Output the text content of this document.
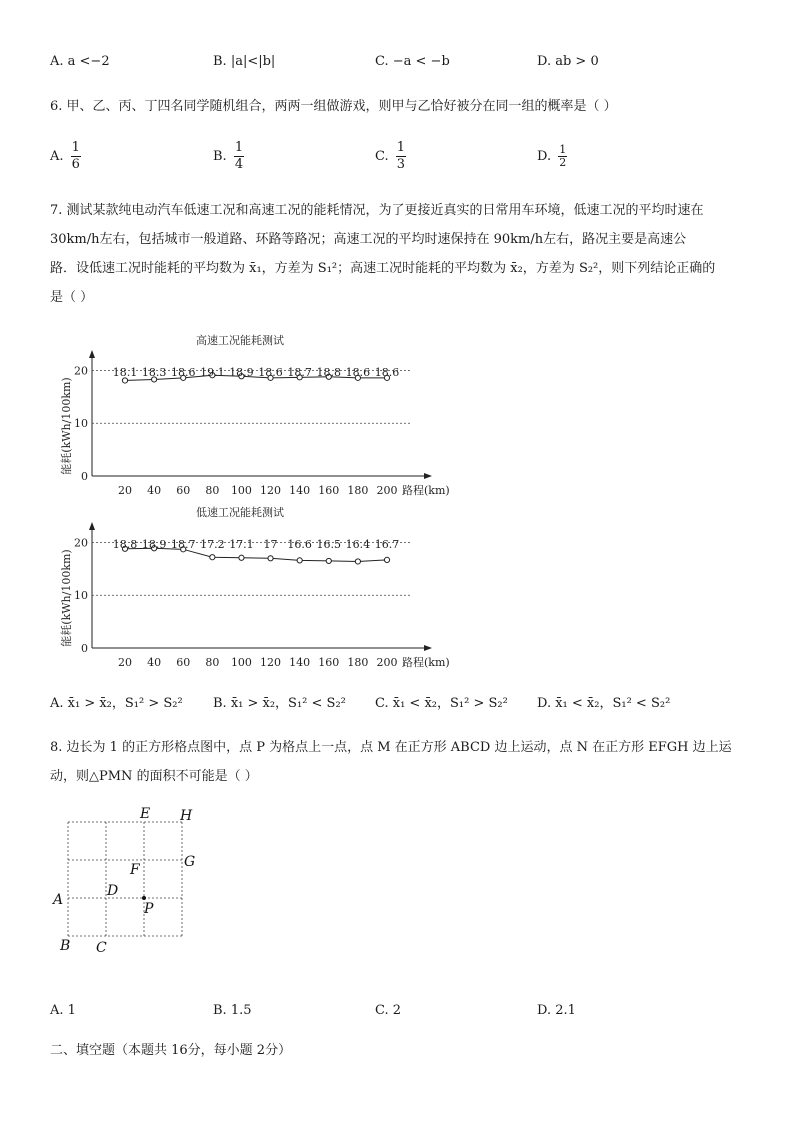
A. a <−2	B. |a|<|b|	C. −a < −b	D. ab > 0
6. 甲、乙、丙、丁四名同学随机组合，两两一组做游戏，则甲与乙恰好被分在同一组的概率是（ ）
A. $\frac{1}{6}$	B. $\frac{1}{4}$	C. $\frac{1}{3}$	D. $\frac{1}{2}$
7. 测试某款纯电动汽车低速工况和高速工况的能耗情况，为了更接近真实的日常用车环境，低速工况的平均时速在
30km/h左右，包括城市一般道路、环路等路况；高速工况的平均时速保持在 90km/h左右，路况主要是高速公
路．设低速工况时能耗的平均数为 x̄₁，方差为 S₁²；高速工况时能耗的平均数为 x̄₂，方差为 S₂²，则下列结论正确的
是（ ）
高速工况能耗测试
0
10
20
能耗(kWh/100km)
20 40 60 80 100 120 140 160 180 200 路程(km)
18.1 18.3 18.6 19.1 18.9 18.6 18.7 18.8 18.6 18.6
低速工况能耗测试
0
10
20
能耗(kWh/100km)
20 40 60 80 100 120 140 160 180 200 路程(km)
18.8 18.9 18.7 17.2 17.1 17 16.6 16.5 16.4 16.7
A. x̄₁ > x̄₂，S₁² > S₂² B. x̄₁ > x̄₂，S₁² < S₂² C. x̄₁ < x̄₂，S₁² > S₂² D. x̄₁ < x̄₂，S₁² < S₂²
8. 边长为 1 的正方形格点图中，点 P 为格点上一点，点 M 在正方形 ABCD 边上运动，点 N 在正方形 EFGH 边上运
动，则△PMN 的面积不可能是（ ）
E H
G
F
D
A
P
B C
A. 1	B. 1.5	C. 2	D. 2.1
二、填空题（本题共 16分，每小题 2分）
